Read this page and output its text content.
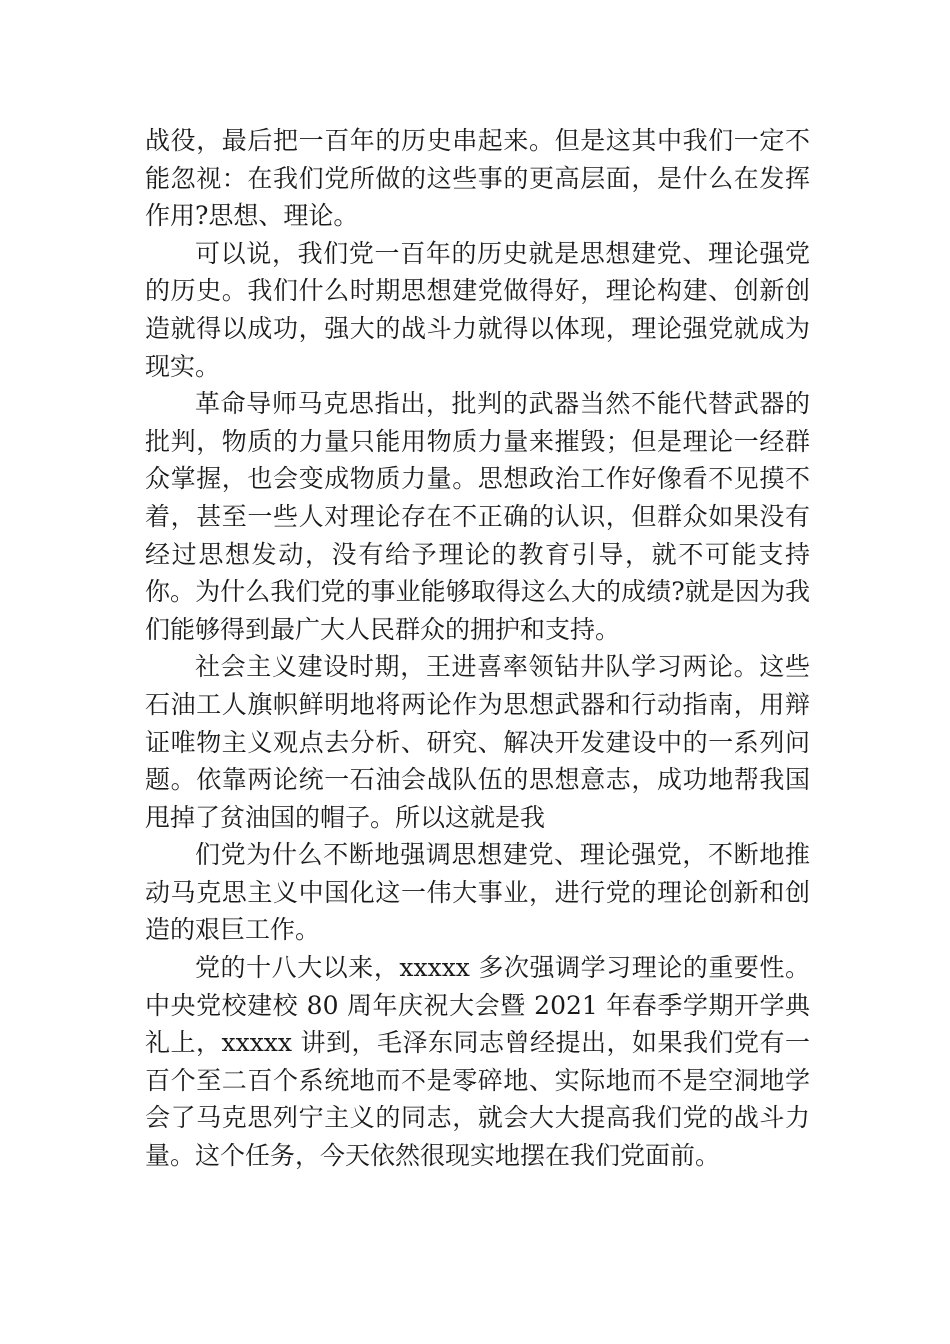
战役，最后把一百年的历史串起来。但是这其中我们一定不能忽视：在我们党所做的这些事的更高层面，是什么在发挥作用?思想、理论。

可以说，我们党一百年的历史就是思想建党、理论强党的历史。我们什么时期思想建党做得好，理论构建、创新创造就得以成功，强大的战斗力就得以体现，理论强党就成为现实。

革命导师马克思指出，批判的武器当然不能代替武器的批判，物质的力量只能用物质力量来摧毁；但是理论一经群众掌握，也会变成物质力量。思想政治工作好像看不见摸不着，甚至一些人对理论存在不正确的认识，但群众如果没有经过思想发动，没有给予理论的教育引导，就不可能支持你。为什么我们党的事业能够取得这么大的成绩?就是因为我们能够得到最广大人民群众的拥护和支持。

社会主义建设时期，王进喜率领钻井队学习两论。这些石油工人旗帜鲜明地将两论作为思想武器和行动指南，用辩证唯物主义观点去分析、研究、解决开发建设中的一系列问题。依靠两论统一石油会战队伍的思想意志，成功地帮我国甩掉了贫油国的帽子。所以这就是我

们党为什么不断地强调思想建党、理论强党，不断地推动马克思主义中国化这一伟大事业，进行党的理论创新和创造的艰巨工作。

党的十八大以来，xxxxx 多次强调学习理论的重要性。中央党校建校 80 周年庆祝大会暨 2021 年春季学期开学典礼上，xxxxx 讲到，毛泽东同志曾经提出，如果我们党有一百个至二百个系统地而不是零碎地、实际地而不是空洞地学会了马克思列宁主义的同志，就会大大提高我们党的战斗力量。这个任务，今天依然很现实地摆在我们党面前。
